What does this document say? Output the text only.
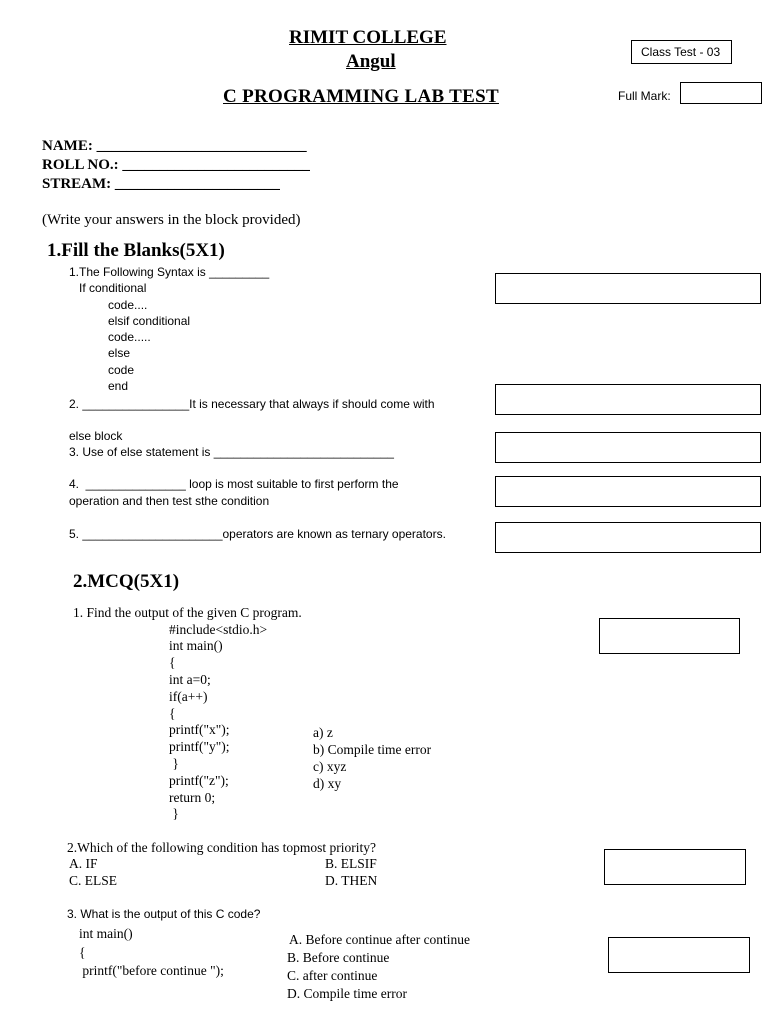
RIMIT COLLEGE
Angul
C PROGRAMMING LAB TEST
Class Test - 03
Full Mark:
NAME: ____________________________
ROLL NO.: _________________________
STREAM: ______________________
(Write your answers in the block provided)
1.Fill the Blanks(5X1)
1.The Following Syntax is _________
If conditional
code....
elsif conditional
code.....
else
code
end
2. ________________It is necessary that always if should come with
else block
3. Use of else statement is ___________________________
4.  _______________ loop is most suitable to first perform the
operation and then test sthe condition
5. _____________________operators are known as ternary operators.
2.MCQ(5X1)
1. Find the output of the given C program.
#include<stdio.h>
int main()
{
int a=0;
if(a++)
{
printf("x");
printf("y");
}
printf("z");
return 0;
}
a) z
b) Compile time error
c) xyz
d) xy
2.Which of the following condition has topmost priority?
A. IF	B. ELSIF
C. ELSE	D. THEN
3. What is the output of this C code?
int main()
{
printf("before continue ");
A. Before continue after continue
B. Before continue
C. after continue
D. Compile time error
